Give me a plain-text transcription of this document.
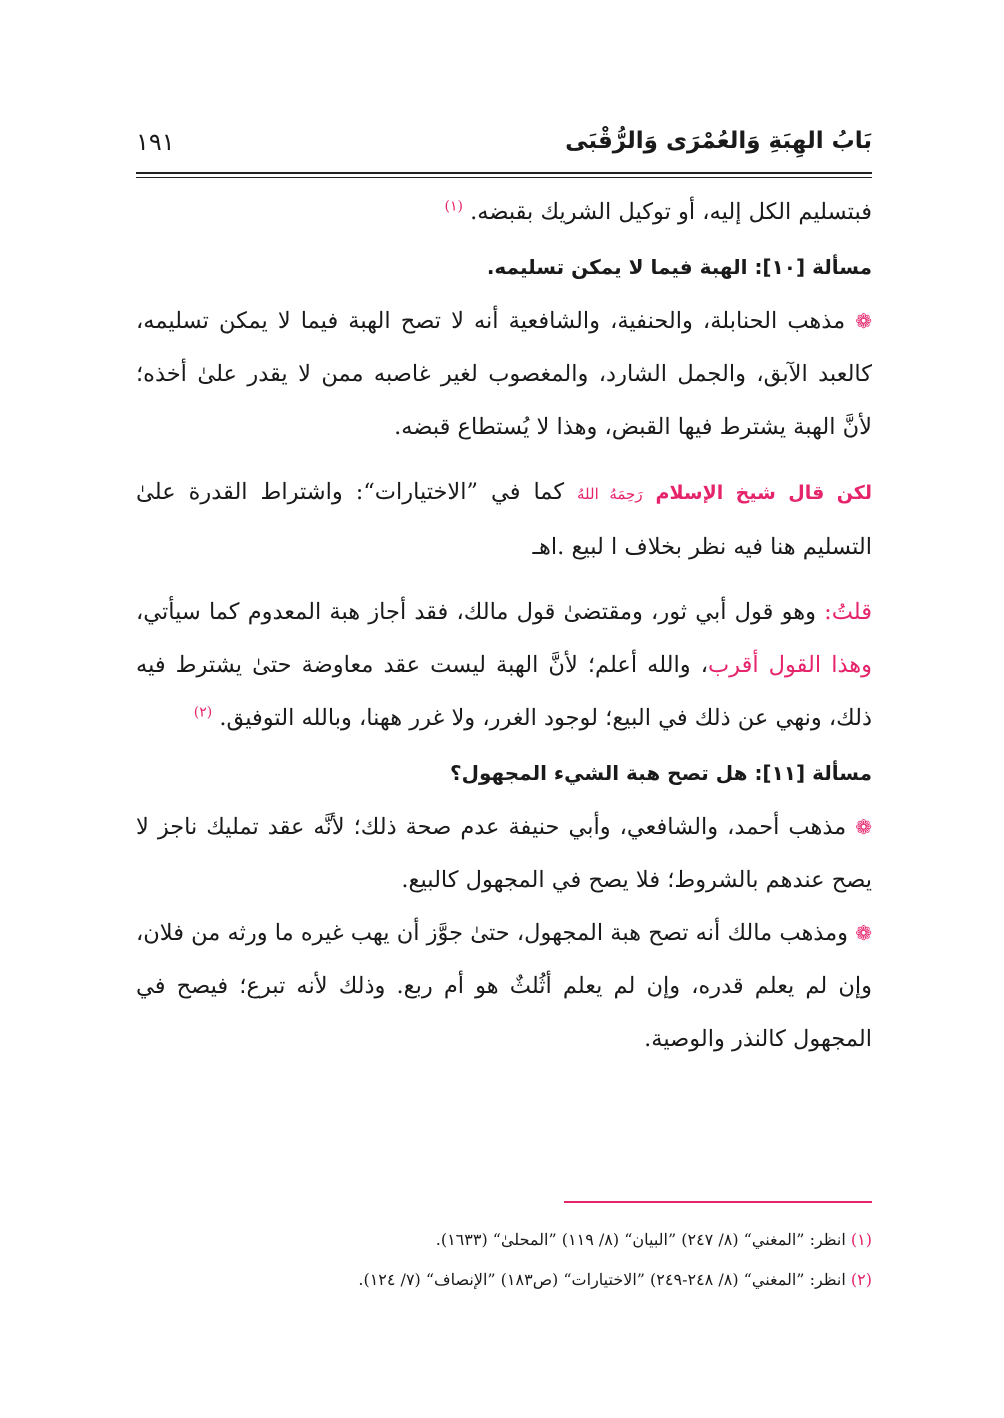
بَابُ الهِبَةِ وَالعُمْرَى وَالرُّقْبَى
١٩١

فبتسليم الكل إليه، أو توكيل الشريك بقبضه. $^{(١)}$

مسألة [١٠]: الهبة فيما لا يمكن تسليمه.

❁ مذهب الحنابلة، والحنفية، والشافعية أنه لا تصح الهبة فيما لا يمكن تسليمه، كالعبد الآبق، والجمل الشارد، والمغصوب لغير غاصبه ممن لا يقدر علىٰ أخذه؛ لأنَّ الهبة يشترط فيها القبض، وهذا لا يُستطاع قبضه.

لكن قال شيخ الإسلام رَحِمَهُ اللهُ كما في ”الاختيارات“: واشتراط القدرة علىٰ التسليم هنا فيه نظر بخلاف ا لبيع .اهـ

قلتُ: وهو قول أبي ثور، ومقتضىٰ قول مالك، فقد أجاز هبة المعدوم كما سيأتي، وهذا القول أقرب، والله أعلم؛ لأنَّ الهبة ليست عقد معاوضة حتىٰ يشترط فيه ذلك، ونهي عن ذلك في البيع؛ لوجود الغرر، ولا غرر ههنا، وبالله التوفيق. $^{(٢)}$

مسألة [١١]: هل تصح هبة الشيء المجهول؟

❁ مذهب أحمد، والشافعي، وأبي حنيفة عدم صحة ذلك؛ لأنَّه عقد تمليك ناجز لا يصح عندهم بالشروط؛ فلا يصح في المجهول كالبيع.

❁ ومذهب مالك أنه تصح هبة المجهول، حتىٰ جوَّز أن يهب غيره ما ورثه من فلان، وإن لم يعلم قدره، وإن لم يعلم أثُلثٌ هو أم ربع. وذلك لأنه تبرع؛ فيصح في المجهول كالنذر والوصية.

(١) انظر: ”المغني“ (٨/ ٢٤٧) ”البيان“ (٨/ ١١٩) ”المحلىٰ“ (١٦٣٣).

(٢) انظر: ”المغني“ (٨/ ٢٤٨-٢٤٩) ”الاختيارات“ (ص١٨٣) ”الإنصاف“ (٧/ ١٢٤).
